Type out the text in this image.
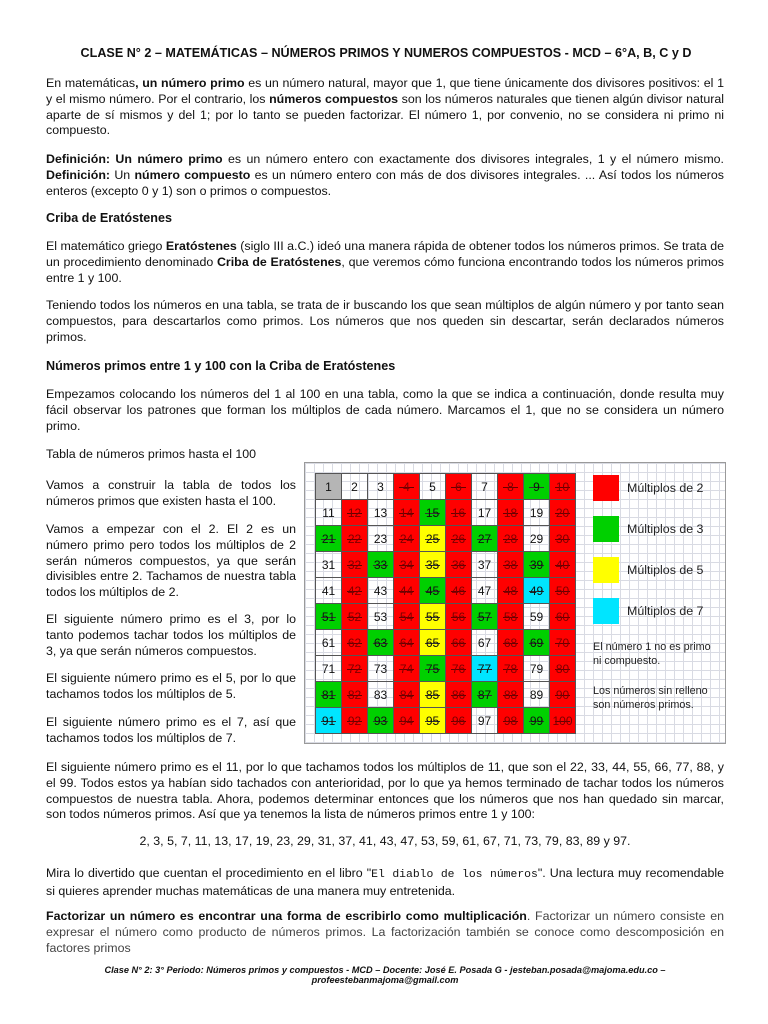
CLASE N° 2 – MATEMÁTICAS – NÚMEROS PRIMOS Y NUMEROS COMPUESTOS - MCD – 6°A, B, C y D

En matemáticas, un número primo es un número natural, mayor que 1, que tiene únicamente dos divisores positivos: el 1 y el mismo número. Por el contrario, los números compuestos son los números naturales que tienen algún divisor natural aparte de sí mismos y del 1; por lo tanto se pueden factorizar. El número 1, por convenio, no se considera ni primo ni compuesto.

Definición: Un número primo es un número entero con exactamente dos divisores integrales, 1 y el número mismo. Definición: Un número compuesto es un número entero con más de dos divisores integrales. ... Así todos los números enteros (excepto 0 y 1) son o primos o compuestos.

Criba de Eratóstenes

El matemático griego Eratóstenes (siglo III a.C.) ideó una manera rápida de obtener todos los números primos. Se trata de un procedimiento denominado Criba de Eratóstenes, que veremos cómo funciona encontrando todos los números primos entre 1 y 100.

Teniendo todos los números en una tabla, se trata de ir buscando los que sean múltiplos de algún número y por tanto sean compuestos, para descartarlos como primos. Los números que nos queden sin descartar, serán declarados números primos.

Números primos entre 1 y 100 con la Criba de Eratóstenes

Empezamos colocando los números del 1 al 100 en una tabla, como la que se indica a continuación, donde resulta muy fácil observar los patrones que forman los múltiplos de cada número. Marcamos el 1, que no se considera un número primo.

Tabla de números primos hasta el 100

Vamos a construir la tabla de todos los números primos que existen hasta el 100.

Vamos a empezar con el 2. El 2 es un número primo pero todos los múltiplos de 2 serán números compuestos, ya que serán divisibles entre 2. Tachamos de nuestra tabla todos los múltiplos de 2.

El siguiente número primo es el 3, por lo tanto podemos tachar todos los múltiplos de 3, ya que serán números compuestos.

El siguiente número primo es el 5, por lo que tachamos todos los múltiplos de 5.

El siguiente número primo es el 7, así que tachamos todos los múltiplos de 7.

1 2 3 4 5 6 7 8 9 10
11 12 13 14 15 16 17 18 19 20
21 22 23 24 25 26 27 28 29 30
31 32 33 34 35 36 37 38 39 40
41 42 43 44 45 46 47 48 49 50
51 52 53 54 55 56 57 58 59 60
61 62 63 64 65 66 67 68 69 70
71 72 73 74 75 76 77 78 79 80
81 82 83 84 85 86 87 88 89 90
91 92 93 94 95 96 97 98 99 100
Múltiplos de 2
Múltiplos de 3
Múltiplos de 5
Múltiplos de 7
El número 1 no es primo ni compuesto.
Los números sin relleno son números primos.

El siguiente número primo es el 11, por lo que tachamos todos los múltiplos de 11, que son el 22, 33, 44, 55, 66, 77, 88, y el 99. Todos estos ya habían sido tachados con anterioridad, por lo que ya hemos terminado de tachar todos los números compuestos de nuestra tabla. Ahora, podemos determinar entonces que los números que nos han quedado sin marcar, son todos números primos. Así que ya tenemos la lista de números primos entre 1 y 100:

2, 3, 5, 7, 11, 13, 17, 19, 23, 29, 31, 37, 41, 43, 47, 53, 59, 61, 67, 71, 73, 79, 83, 89 y 97.

Mira lo divertido que cuentan el procedimiento en el libro "El diablo de los números". Una lectura muy recomendable si quieres aprender muchas matemáticas de una manera muy entretenida.

Factorizar un número es encontrar una forma de escribirlo como multiplicación. Factorizar un número consiste en expresar el número como producto de números primos. La factorización también se conoce como descomposición en factores primos

Clase N° 2: 3° Periodo: Números primos y compuestos - MCD – Docente: José E. Posada G - jesteban.posada@majoma.edu.co – profeestebanmajoma@gmail.com
